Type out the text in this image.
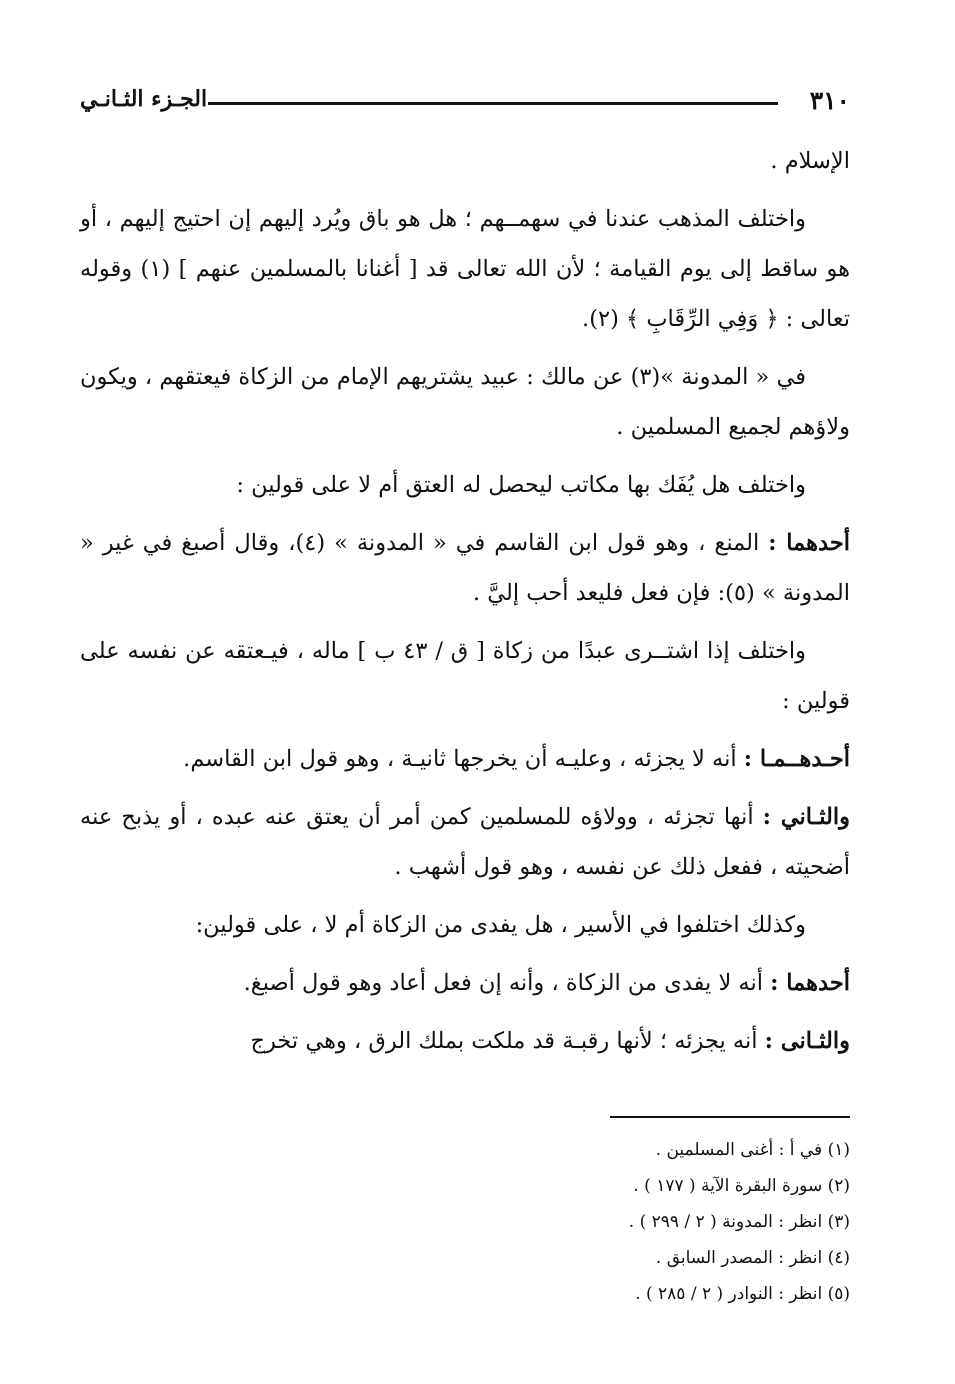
٣١٠
الجـزء الثـانـي

الإسلام .

واختلف المذهب عندنا في سهمــهم ؛ هل هو باق ويُرد إليهم إن احتيج إليهم ، أو هو ساقط إلى يوم القيامة ؛ لأن الله تعالى قد [ أغنانا بالمسلمين عنهم ] (١) وقوله تعالى : ﴿ وَفِي الرِّقَابِ ﴾ (٢).

في « المدونة »(٣) عن مالك : عبيد يشتريهم الإمام من الزكاة فيعتقهم ، ويكون ولاؤهم لجميع المسلمين .

واختلف هل يُفَك بها مكاتب ليحصل له العتق أم لا على قولين :

أحدهما : المنع ، وهو قول ابن القاسم في « المدونة » (٤)، وقال أصبغ في غير « المدونة » (٥): فإن فعل فليعد أحب إليَّ .

واختلف إذا اشتــرى عبدًا من زكاة [ ق / ٤٣ ب ] ماله ، فيـعتقه عن نفسه على قولين :

أحـدهــمـا : أنه لا يجزئه ، وعليـه أن يخرجها ثانيـة ، وهو قول ابن القاسم.

والثـاني : أنها تجزئه ، وولاؤه للمسلمين كمن أمر أن يعتق عنه عبده ، أو يذبح عنه أضحيته ، ففعل ذلك عن نفسه ، وهو قول أشهب .

وكذلك اختلفوا في الأسير ، هل يفدى من الزكاة أم لا ، على قولين:

أحدهما : أنه لا يفدى من الزكاة ، وأنه إن فعل أعاد وهو قول أصبغ.

والثـانى : أنه يجزئه ؛ لأنها رقبـة قد ملكت بملك الرق ، وهي تخرج

(١) في أ : أغنى المسلمين .

(٢) سورة البقرة الآية ( ١٧٧ ) .

(٣) انظر : المدونة ( ٢ / ٢٩٩ ) .

(٤) انظر : المصدر السابق .

(٥) انظر : النوادر ( ٢ / ٢٨٥ ) .
